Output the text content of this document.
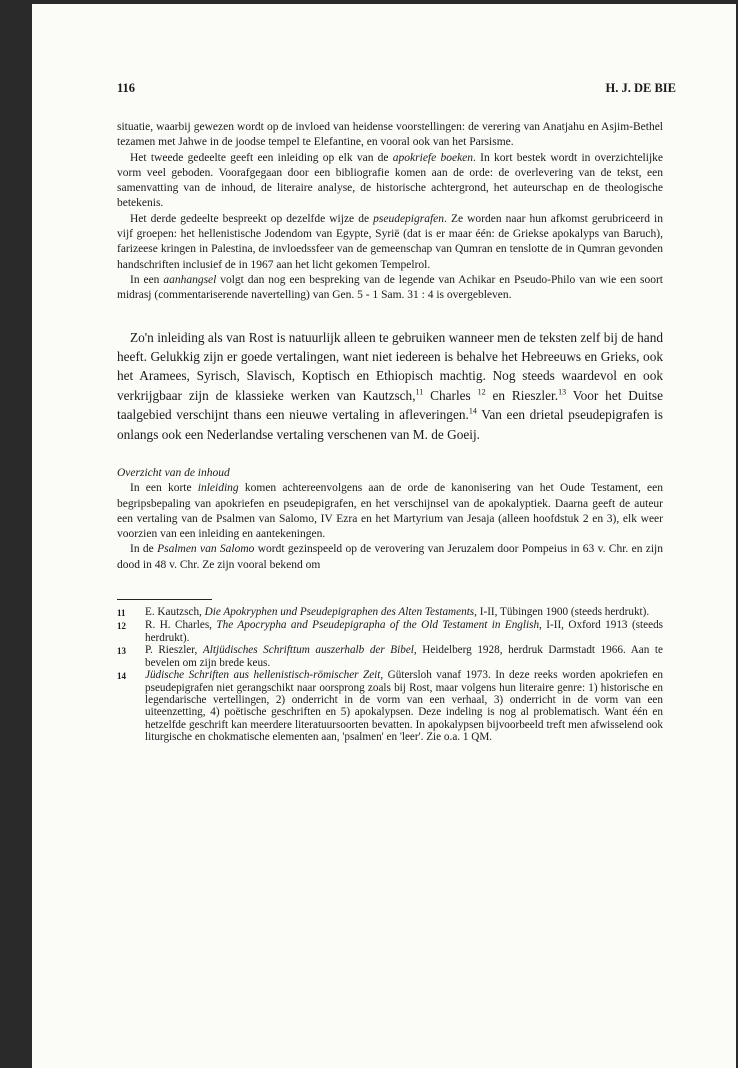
116	H. J. DE BIE

situatie, waarbij gewezen wordt op de invloed van heidense voorstellingen: de verering van Anatjahu en Asjim-Bethel tezamen met Jahwe in de joodse tempel te Elefantine, en vooral ook van het Parsisme.

Het tweede gedeelte geeft een inleiding op elk van de apokriefe boeken. In kort bestek wordt in overzichtelijke vorm veel geboden. Voorafgegaan door een bibliografie komen aan de orde: de overlevering van de tekst, een samenvatting van de inhoud, de literaire analyse, de historische achtergrond, het auteurschap en de theologische betekenis.

Het derde gedeelte bespreekt op dezelfde wijze de pseudepigrafen. Ze worden naar hun afkomst gerubriceerd in vijf groepen: het hellenistische Jodendom van Egypte, Syrië (dat is er maar één: de Griekse apokalyps van Baruch), farizeese kringen in Palestina, de invloedssfeer van de gemeenschap van Qumran en tenslotte de in Qumran gevonden handschriften inclusief de in 1967 aan het licht gekomen Tempelrol.

In een aanhangsel volgt dan nog een bespreking van de legende van Achikar en Pseudo-Philo van wie een soort midrasj (commentariserende navertelling) van Gen. 5 - 1 Sam. 31 : 4 is overgebleven.

Zo'n inleiding als van Rost is natuurlijk alleen te gebruiken wanneer men de teksten zelf bij de hand heeft. Gelukkig zijn er goede vertalingen, want niet iedereen is behalve het Hebreeuws en Grieks, ook het Aramees, Syrisch, Slavisch, Koptisch en Ethiopisch machtig. Nog steeds waardevol en ook verkrijgbaar zijn de klassieke werken van Kautzsch,$^{11}$ Charles $^{12}$ en Rieszler.$^{13}$ Voor het Duitse taalgebied verschijnt thans een nieuwe vertaling in afleveringen.$^{14}$ Van een drietal pseudepigrafen is onlangs ook een Nederlandse vertaling verschenen van M. de Goeij.

Overzicht van de inhoud

In een korte inleiding komen achtereenvolgens aan de orde de kanonisering van het Oude Testament, een begripsbepaling van apokriefen en pseudepigrafen, en het verschijnsel van de apokalyptiek. Daarna geeft de auteur een vertaling van de Psalmen van Salomo, IV Ezra en het Martyrium van Jesaja (alleen hoofdstuk 2 en 3), elk weer voorzien van een inleiding en aantekeningen.

In de Psalmen van Salomo wordt gezinspeeld op de verovering van Jeruzalem door Pompeius in 63 v. Chr. en zijn dood in 48 v. Chr. Ze zijn vooral bekend om

11	E. Kautzsch, Die Apokryphen und Pseudepigraphen des Alten Testaments, I-II, Tübingen 1900 (steeds herdrukt).
12	R. H. Charles, The Apocrypha and Pseudepigrapha of the Old Testament in English, I-II, Oxford 1913 (steeds herdrukt).
13	P. Rieszler, Altjüdisches Schrifttum auszerhalb der Bibel, Heidelberg 1928, herdruk Darmstadt 1966. Aan te bevelen om zijn brede keus.
14	Jüdische Schriften aus hellenistisch-römischer Zeit, Gütersloh vanaf 1973. In deze reeks worden apokriefen en pseudepigrafen niet gerangschikt naar oorsprong zoals bij Rost, maar volgens hun literaire genre: 1) historische en legendarische vertellingen, 2) onderricht in de vorm van een verhaal, 3) onderricht in de vorm van een uiteenzetting, 4) poëtische geschriften en 5) apokalypsen. Deze indeling is nog al problematisch. Want één en hetzelfde geschrift kan meerdere literatuursoorten bevatten. In apokalypsen bijvoorbeeld treft men afwisselend ook liturgische en chokmatische elementen aan, 'psalmen' en 'leer'. Zie o.a. 1 QM.
